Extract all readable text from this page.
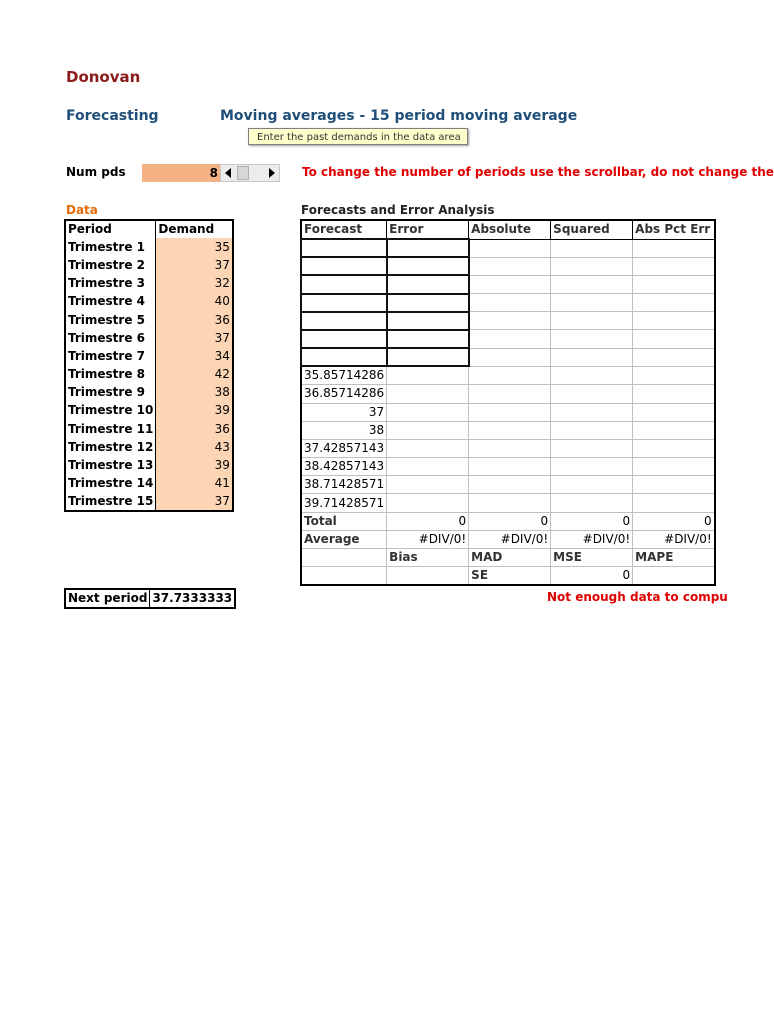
Donovan
Forecasting	Moving averages - 15 period moving average
Enter the past demands in the data area
Num pds	8	To change the number of periods use the scrollbar, do not change the
Data	Forecasts and Error Analysis
Period	Demand
Trimestre 1	35
Trimestre 2	37
Trimestre 3	32
Trimestre 4	40
Trimestre 5	36
Trimestre 6	37
Trimestre 7	34
Trimestre 8	42
Trimestre 9	38
Trimestre 10	39
Trimestre 11	36
Trimestre 12	43
Trimestre 13	39
Trimestre 14	41
Trimestre 15	37
Forecast	Error	Absolute	Squared	Abs Pct Err

35.85714286				
36.85714286				
37				
38				
37.42857143				
38.42857143				
38.71428571				
39.71428571				
Total	0	0	0	0
Average	#DIV/0!	#DIV/0!	#DIV/0!	#DIV/0!
	Bias	MAD	MSE	MAPE
		SE	0	
Next period	37.7333333	Not enough data to compu
